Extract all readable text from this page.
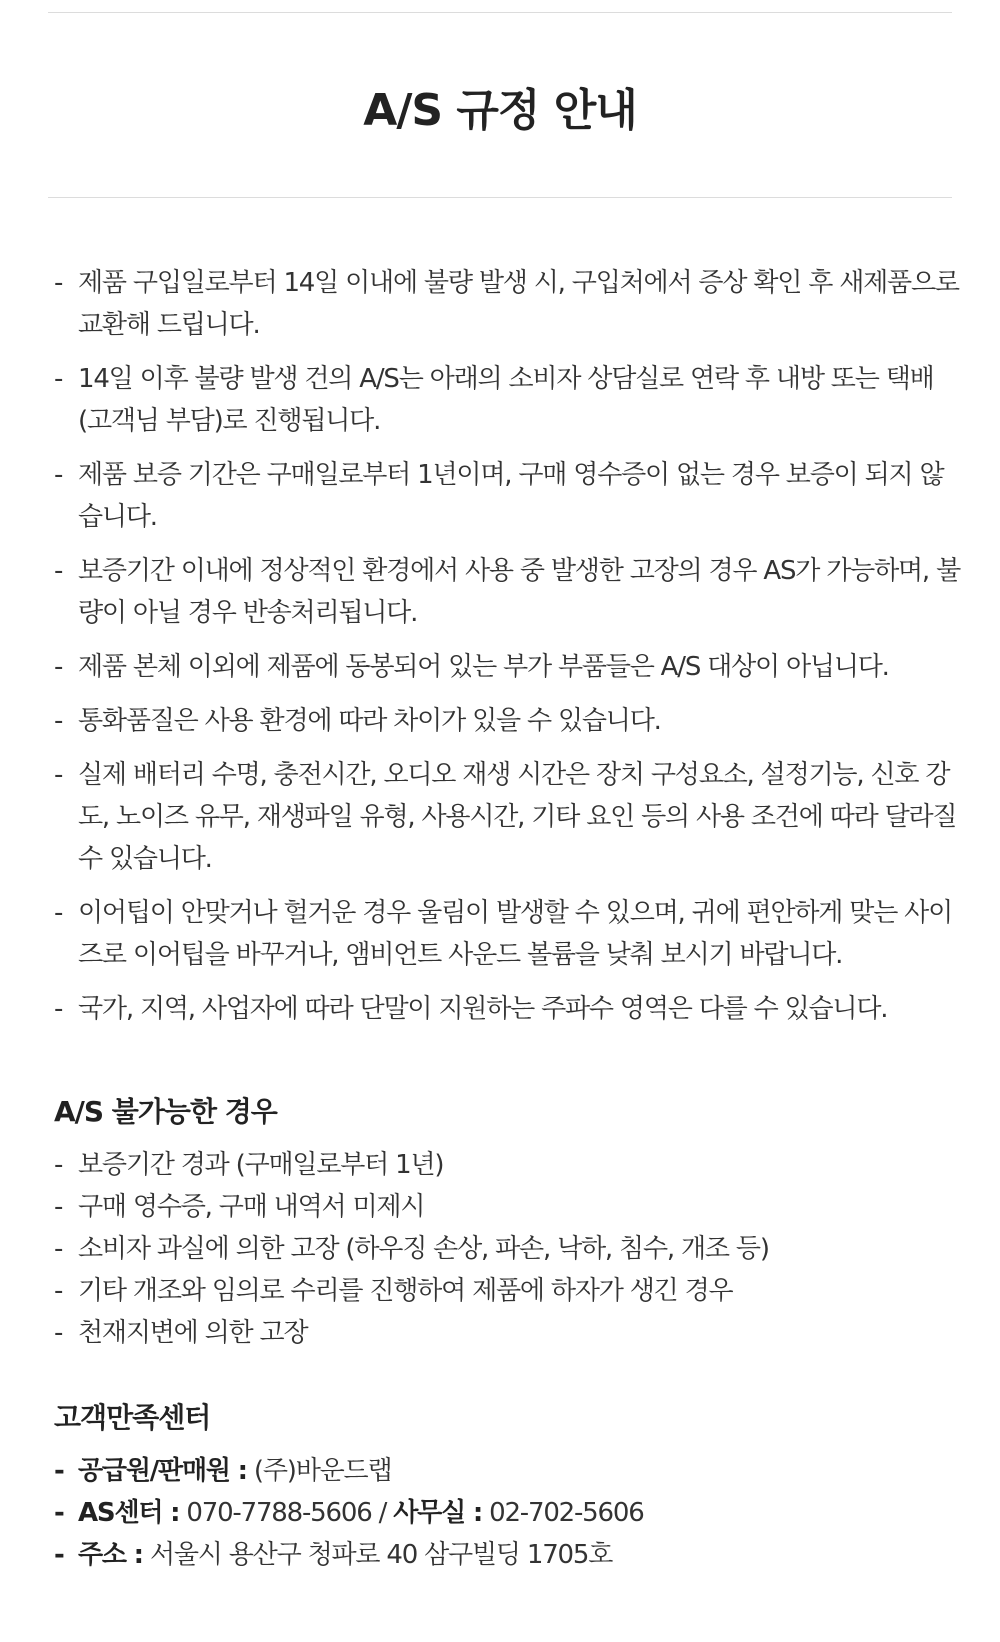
A/S 규정 안내
- 제품 구입일로부터 14일 이내에 불량 발생 시, 구입처에서 증상 확인 후 새제품으로 교환해 드립니다.
- 14일 이후 불량 발생 건의 A/S는 아래의 소비자 상담실로 연락 후 내방 또는 택배(고객님 부담)로 진행됩니다.
- 제품 보증 기간은 구매일로부터 1년이며, 구매 영수증이 없는 경우 보증이 되지 않습니다.
- 보증기간 이내에 정상적인 환경에서 사용 중 발생한 고장의 경우 AS가 가능하며, 불량이 아닐 경우 반송처리됩니다.
- 제품 본체 이외에 제품에 동봉되어 있는 부가 부품들은 A/S 대상이 아닙니다.
- 통화품질은 사용 환경에 따라 차이가 있을 수 있습니다.
- 실제 배터리 수명, 충전시간, 오디오 재생 시간은 장치 구성요소, 설정기능, 신호 강도, 노이즈 유무, 재생파일 유형, 사용시간, 기타 요인 등의 사용 조건에 따라 달라질 수 있습니다.
- 이어팁이 안맞거나 헐거운 경우 울림이 발생할 수 있으며, 귀에 편안하게 맞는 사이즈로 이어팁을 바꾸거나, 앰비언트 사운드 볼륨을 낮춰 보시기 바랍니다.
- 국가, 지역, 사업자에 따라 단말이 지원하는 주파수 영역은 다를 수 있습니다.
A/S 불가능한 경우
- 보증기간 경과 (구매일로부터 1년)
- 구매 영수증, 구매 내역서 미제시
- 소비자 과실에 의한 고장 (하우징 손상, 파손, 낙하, 침수, 개조 등)
- 기타 개조와 임의로 수리를 진행하여 제품에 하자가 생긴 경우
- 천재지변에 의한 고장
고객만족센터
- 공급원/판매원 : (주)바운드랩
- AS센터 : 070-7788-5606 / 사무실 : 02-702-5606
- 주소 : 서울시 용산구 청파로 40 삼구빌딩 1705호
